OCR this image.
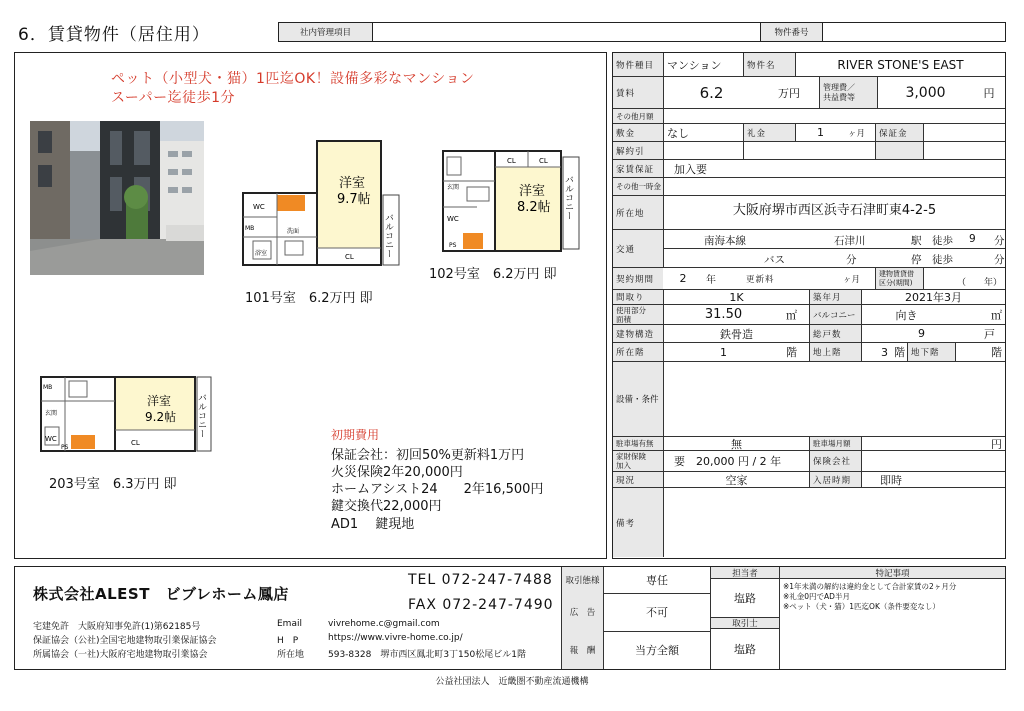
6．賃貸物件（居住用）	社内管理項目	物件番号
ペット（小型犬・猫）1匹迄OK！設備多彩なマンション
スーパー迄徒歩1分
洋室
9.7帖
WC
MB
浴室
洗面
CL	バルコニー
101号室　6.2万円 即
洋室
8.2帖
CL	CL
WC
PS
玄関	バルコニー
102号室　6.2万円 即
洋室
9.2帖
MB
玄関
WC
PS
CL
バルコニー
203号室　6.3万円 即
初期費用
保証会社：初回50%更新料1万円
火災保険2年20,000円
ホームアシスト24　　2年16,500円
鍵交換代22,000円
AD1　 鍵現地
物件種目	マンション	物件名	RIVER STONE'S EAST
賃料	6.2	万円	管理費／
共益費等	3,000	円
その他月額
敷金	なし	礼金	1	ヶ月	保証金
解約引
家賃保証	加入要
その他一時金
所在地	大阪府堺市西区浜寺石津町東4-2-5
交通
南海本線	石津川	駅 徒歩 9 分
バス	分	停 徒歩	分
契約期間	2	年	更新料	ヶ月
建物賃貸借
区分(期間)	（　　年）
間取り	1K	築年月	2021年3月
使用部分
面積	31.50	㎡	バルコニー	向き	㎡
建物構造	鉄骨造	総戸数	9	戸
所在階	1	階	地上階	3 階 地下階	階
設備・条件
駐車場有無	無	駐車場月額	円
家財保険
加入	要　20,000 円 / 2 年	保険会社
現況	空家	入居時期	即時
備考
株式会社ALEST　ビブレホーム鳳店
TEL 072-247-7488
FAX 072-247-7490
宅建免許　大阪府知事免許(1)第62185号
保証協会（公社)全国宅地建物取引業保証協会
所属協会（一社)大阪府宅地建物取引業協会
Email	vivrehome.c@gmail.com
H　P	https://www.vivre-home.co.jp/
所在地	593-8328　堺市西区鳳北町3丁150松尾ビル1階
取引態様	専任
広　告	不可
報　酬	当方全額
担当者
塩路
取引士
塩路
特記事項
※1年未満の解約は違約金として合計家賃の2ヶ月分
※礼金0円でAD半月
※ペット（犬・猫）1匹迄OK（条件要変なし）
公益社団法人　近畿圏不動産流通機構
